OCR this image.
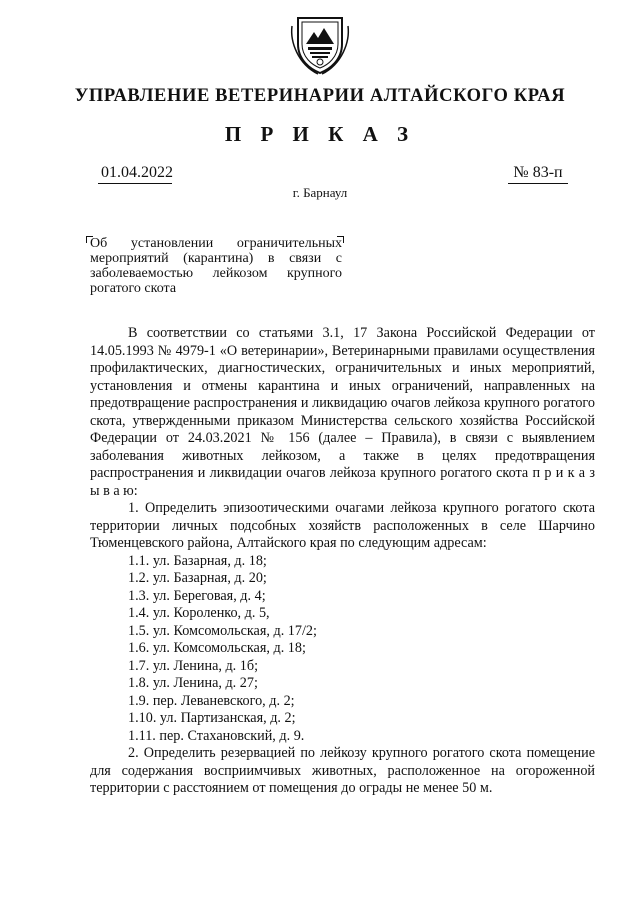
УПРАВЛЕНИЕ ВЕТЕРИНАРИИ АЛТАЙСКОГО КРАЯ
П Р И К А З
01.04.2022	№ 83-п
г. Барнаул
Об установлении ограничительных мероприятий (карантина) в связи с заболеваемостью лейкозом крупного рогатого скота

В соответствии со статьями 3.1, 17 Закона Российской Федерации от 14.05.1993 № 4979-1 «О ветеринарии», Ветеринарными правилами осуществления профилактических, диагностических, ограничительных и иных мероприятий, установления и отмены карантина и иных ограничений, направленных на предотвращение распространения и ликвидацию очагов лейкоза крупного рогатого скота, утвержденными приказом Министерства сельского хозяйства Российской Федерации от 24.03.2021 № 156 (далее – Правила), в связи с выявлением заболевания животных лейкозом, а также в целях предотвращения распространения и ликвидации очагов лейкоза крупного рогатого скота п р и к а з ы в а ю:

1. Определить эпизоотическими очагами лейкоза крупного рогатого скота территории личных подсобных хозяйств расположенных в селе Шарчино Тюменцевского района, Алтайского края по следующим адресам:

1.1. ул. Базарная, д. 18;
1.2. ул. Базарная, д. 20;
1.3. ул. Береговая, д. 4;
1.4. ул. Короленко, д. 5,
1.5. ул. Комсомольская, д. 17/2;
1.6. ул. Комсомольская, д. 18;
1.7. ул. Ленина, д. 1б;
1.8. ул. Ленина, д. 27;
1.9. пер. Леваневского, д. 2;
1.10. ул. Партизанская, д. 2;
1.11. пер. Стахановский, д. 9.

2. Определить резервацией по лейкозу крупного рогатого скота помещение для содержания восприимчивых животных, расположенное на огороженной территории с расстоянием от помещения до ограды не менее 50 м.
